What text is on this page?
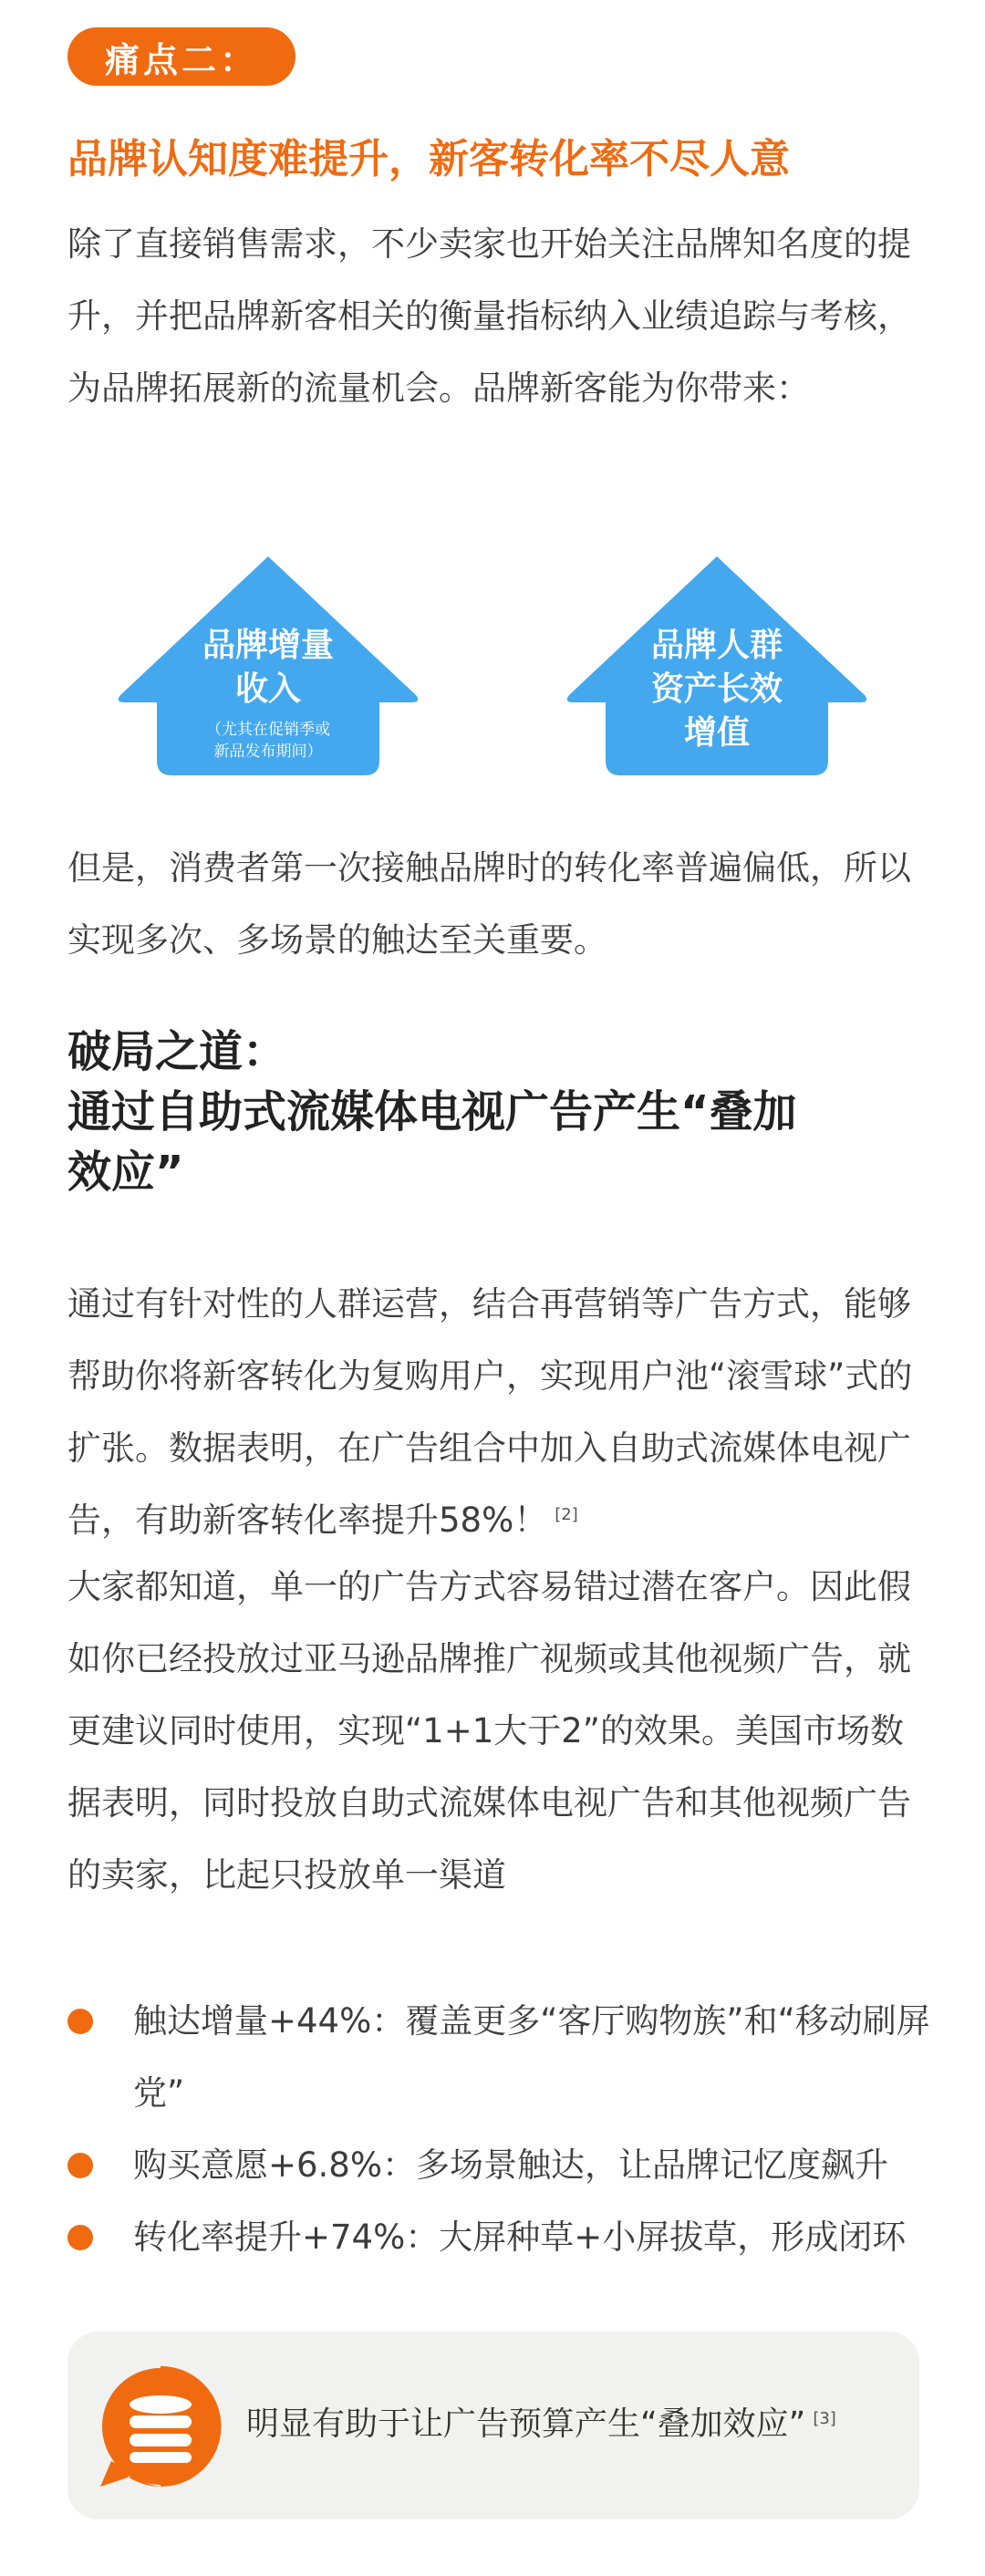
痛点二：
品牌认知度难提升，新客转化率不尽人意
除了直接销售需求，不少卖家也开始关注品牌知名度的提升，并把品牌新客相关的衡量指标纳入业绩追踪与考核，为品牌拓展新的流量机会。品牌新客能为你带来：
品牌增量
收入
（尤其在促销季或
新品发布期间）
品牌人群
资产长效
增值
但是，消费者第一次接触品牌时的转化率普遍偏低，所以实现多次、多场景的触达至关重要。
破局之道：
通过自助式流媒体电视广告产生“叠加
效应”
通过有针对性的人群运营，结合再营销等广告方式，能够帮助你将新客转化为复购用户，实现用户池“滚雪球”式的扩张。数据表明，在广告组合中加入自助式流媒体电视广告，有助新客转化率提升58%！ [2]
大家都知道，单一的广告方式容易错过潜在客户。因此假如你已经投放过亚马逊品牌推广视频或其他视频广告，就更建议同时使用，实现“1+1大于2”的效果。美国市场数据表明，同时投放自助式流媒体电视广告和其他视频广告的卖家，比起只投放单一渠道
触达增量+44%：覆盖更多“客厅购物族”和“移动刷屏党”
购买意愿+6.8%：多场景触达，让品牌记忆度飙升
转化率提升+74%：大屏种草+小屏拔草，形成闭环
明显有助于让广告预算产生“叠加效应” [3]
